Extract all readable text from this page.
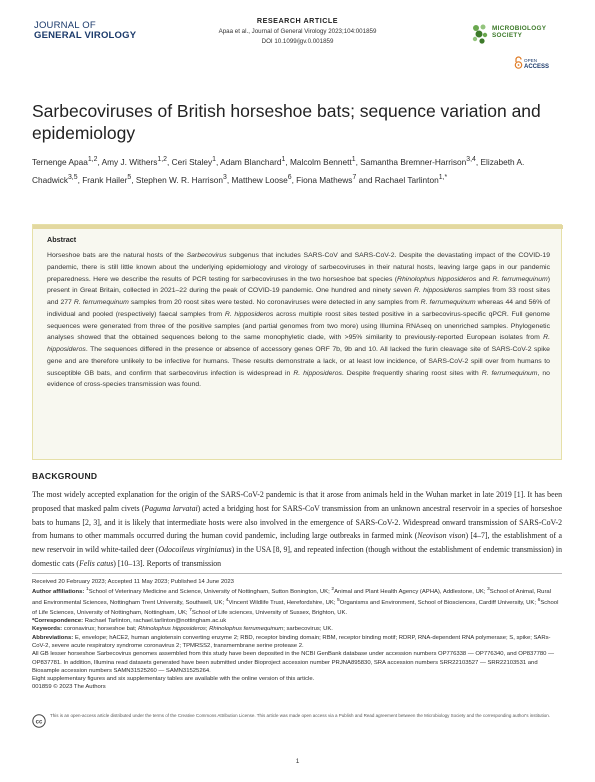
JOURNAL OF
GENERAL VIROLOGY
RESEARCH ARTICLE
Apaa et al., Journal of General Virology 2023;104:001859
DOI 10.1099/jgv.0.001859
MICROBIOLOGY
SOCIETY
OPEN
ACCESS
Sarbecoviruses of British horseshoe bats; sequence variation and epidemiology
Ternenge Apaa$^{1,2}$, Amy J. Withers$^{1,2}$, Ceri Staley$^1$, Adam Blanchard$^1$, Malcolm Bennett$^1$, Samantha Bremner-Harrison$^{3,4}$, Elizabeth A. Chadwick$^{3,5}$, Frank Hailer$^5$, Stephen W. R. Harrison$^3$, Matthew Loose$^6$, Fiona Mathews$^7$ and Rachael Tarlinton$^{1,*}$
Abstract
Horseshoe bats are the natural hosts of the Sarbecovirus subgenus that includes SARS-CoV and SARS-CoV-2. Despite the devastating impact of the COVID-19 pandemic, there is still little known about the underlying epidemiology and virology of sarbecoviruses in their natural hosts, leaving large gaps in our pandemic preparedness. Here we describe the results of PCR testing for sarbecoviruses in the two horseshoe bat species (Rhinolophus hipposideros and R. ferrumequinum) present in Great Britain, collected in 2021–22 during the peak of COVID-19 pandemic. One hundred and ninety seven R. hipposideros samples from 33 roost sites and 277 R. ferrumequinum samples from 20 roost sites were tested. No coronaviruses were detected in any samples from R. ferrumequinum whereas 44 and 56% of individual and pooled (respectively) faecal samples from R. hipposideros across multiple roost sites tested positive in a sarbecovirus-specific qPCR. Full genome sequences were generated from three of the positive samples (and partial genomes from two more) using Illumina RNAseq on unenriched samples. Phylogenetic analyses showed that the obtained sequences belong to the same monophyletic clade, with >95% similarity to previously-reported European isolates from R. hipposideros. The sequences differed in the presence or absence of accessory genes ORF 7b, 9b and 10. All lacked the furin cleavage site of SARS-CoV-2 spike gene and are therefore unlikely to be infective for humans. These results demonstrate a lack, or at least low incidence, of SARS-CoV-2 spill over from humans to susceptible GB bats, and confirm that sarbecovirus infection is widespread in R. hipposideros. Despite frequently sharing roost sites with R. ferrumequinum, no evidence of cross-species transmission was found.
BACKGROUND
The most widely accepted explanation for the origin of the SARS-CoV-2 pandemic is that it arose from animals held in the Wuhan market in late 2019 [1]. It has been proposed that masked palm civets (Paguma larvatai) acted a bridging host for SARS-CoV transmission from an unknown ancestral reservoir in a species of horseshoe bats to humans [2, 3], and it is likely that intermediate hosts were also involved in the emergence of SARS-CoV-2. Widespread onward transmission of SARS-CoV-2 from humans to other mammals occurred during the human covid pandemic, including large outbreaks in farmed mink (Neovison vison) [4–7], the establishment of a new reservoir in wild white-tailed deer (Odocoileus virginianus) in the USA [8, 9], and repeated infection (though without the establishment of endemic transmission) in domestic cats (Felis catus) [10–13]. Reports of transmission

Received 20 February 2023; Accepted 11 May 2023; Published 14 June 2023

Author affiliations: $^1$School of Veterinary Medicine and Science, University of Nottingham, Sutton Bonington, UK; $^2$Animal and Plant Health Agency (APHA), Addlestone, UK; $^3$School of Animal, Rural and Environmental Sciences, Nottingham Trent University, Southwell, UK; $^4$Vincent Wildlife Trust, Herefordshire, UK; $^5$Organisms and Environment, School of Biosciences, Cardiff University, UK; $^6$School of Life Sciences, University of Nottingham, Nottingham, UK; $^7$School of Life sciences, University of Sussex, Brighton, UK.

*Correspondence: Rachael Tarlinton, rachael.tarlinton@nottingham.ac.uk

Keywords: coronavirus; horseshoe bat; Rhinolophus hipposideros; Rhinolophus ferrumequinum; sarbecovirus; UK.

Abbreviations: E, envelope; hACE2, human angiotensin converting enzyme 2; RBD, receptor binding domain; RBM, receptor binding motif; RDRP, RNA-dependent RNA polymerase; S, spike; SARs-CoV-2, severe acute respiratory syndrome coronavirus 2; TPMRSS2, transmembrane serine protease 2.

All GB lesser horseshoe Sarbecovirus genomes assembled from this study have been deposited in the NCBI GenBank database under accession numbers OP776338 — OP776340, and OP837780 — OP837781. In addition, Illumina read datasets generated have been submitted under Bioproject accession number PRJNA895830, SRA accession numbers SRR22103527 — SRR22103531 and Biosample accession numbers SAMN31525260 — SAMN31525264.

Eight supplementary figures and six supplementary tables are available with the online version of this article.

001859 © 2023 The Authors

cc
This is an open-access article distributed under the terms of the Creative Commons Attribution License. This article was made open access via a Publish and Read agreement between the Microbiology Society and the corresponding author's institution.
1
